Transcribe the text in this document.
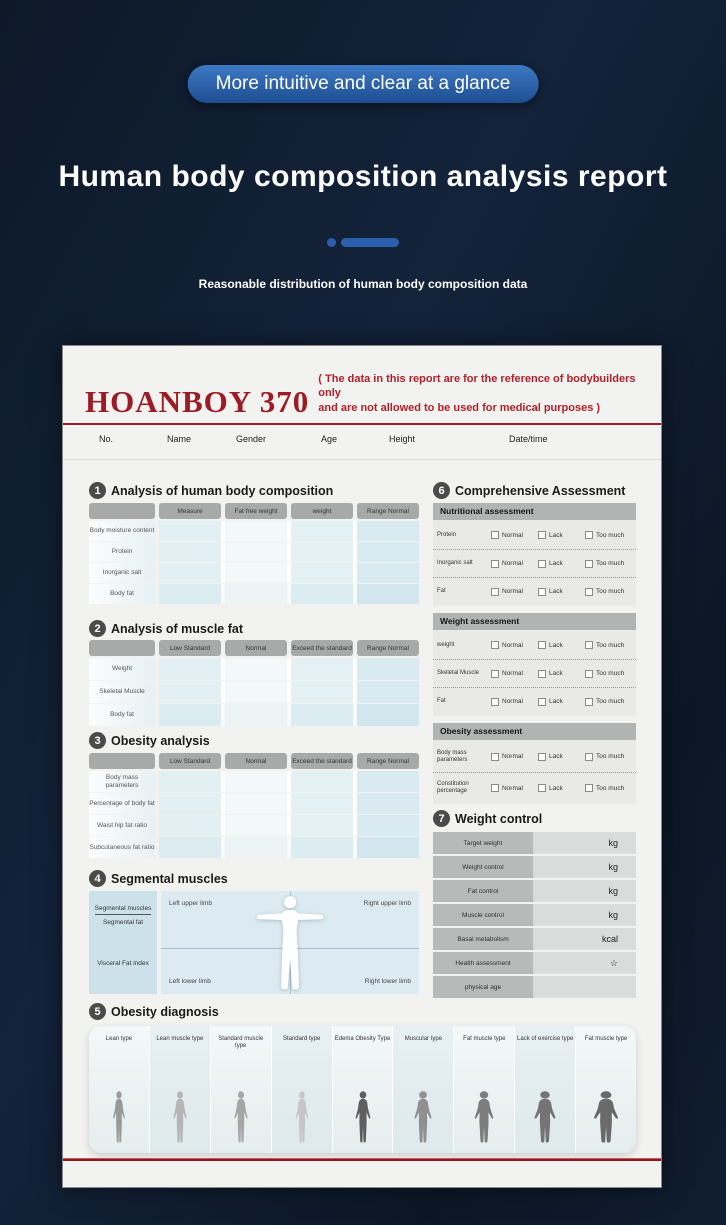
More intuitive and clear at a glance
Human body composition analysis report
Reasonable distribution of human body composition data
HOANBOY 370
( The data in this report are for the reference of bodybuilders only
and are not allowed to be used for medical purposes )
No.	Name	Gender	Age	Height	Date/time
1 Analysis of human body composition
Measure	Fat free weight	weight	Range Normal
Body moisture content
Protein
Inorganic salt
Body fat
2 Analysis of muscle fat
Low Standard	Normal	Exceed the standard	Range Normal
Weight
Skeletal Muscle
Body fat
3 Obesity analysis
Low Standard	Normal	Exceed the standard	Range Normal
Body mass parameters
Percentage of body fat
Waist hip fat ratio
Subcutaneous fat ratio
4 Segmental muscles
Segmental muscles
Segmental fat
Visceral Fat index
Left upper limb	Right upper limb
Left lower limb	Right lower limb
5 Obesity diagnosis
Lean type	Lean muscle type	Standard muscle type
Standard type	Edema Obesity Type	Muscular type	Fat muscle type	Lack of exercise type	Fat muscle type
6 Comprehensive Assessment
Nutritional assessment
Protein	Normal	Lack	Too much
Inorganic salt	Normal	Lack	Too much
Fat	Normal	Lack	Too much
Weight assessment
weight	Normal	Lack	Too much
Skeletal Muscle	Normal	Lack	Too much
Fat	Normal	Lack	Too much
Obesity assessment
Body mass parameters	Normal	Lack	Too much
Constitution percentage	Normal	Lack	Too much
7 Weight control
Target weight	kg
Weight control	kg
Fat control	kg
Muscle control	kg
Basal metabolism	kcal
Health assessment	☆
physical age
